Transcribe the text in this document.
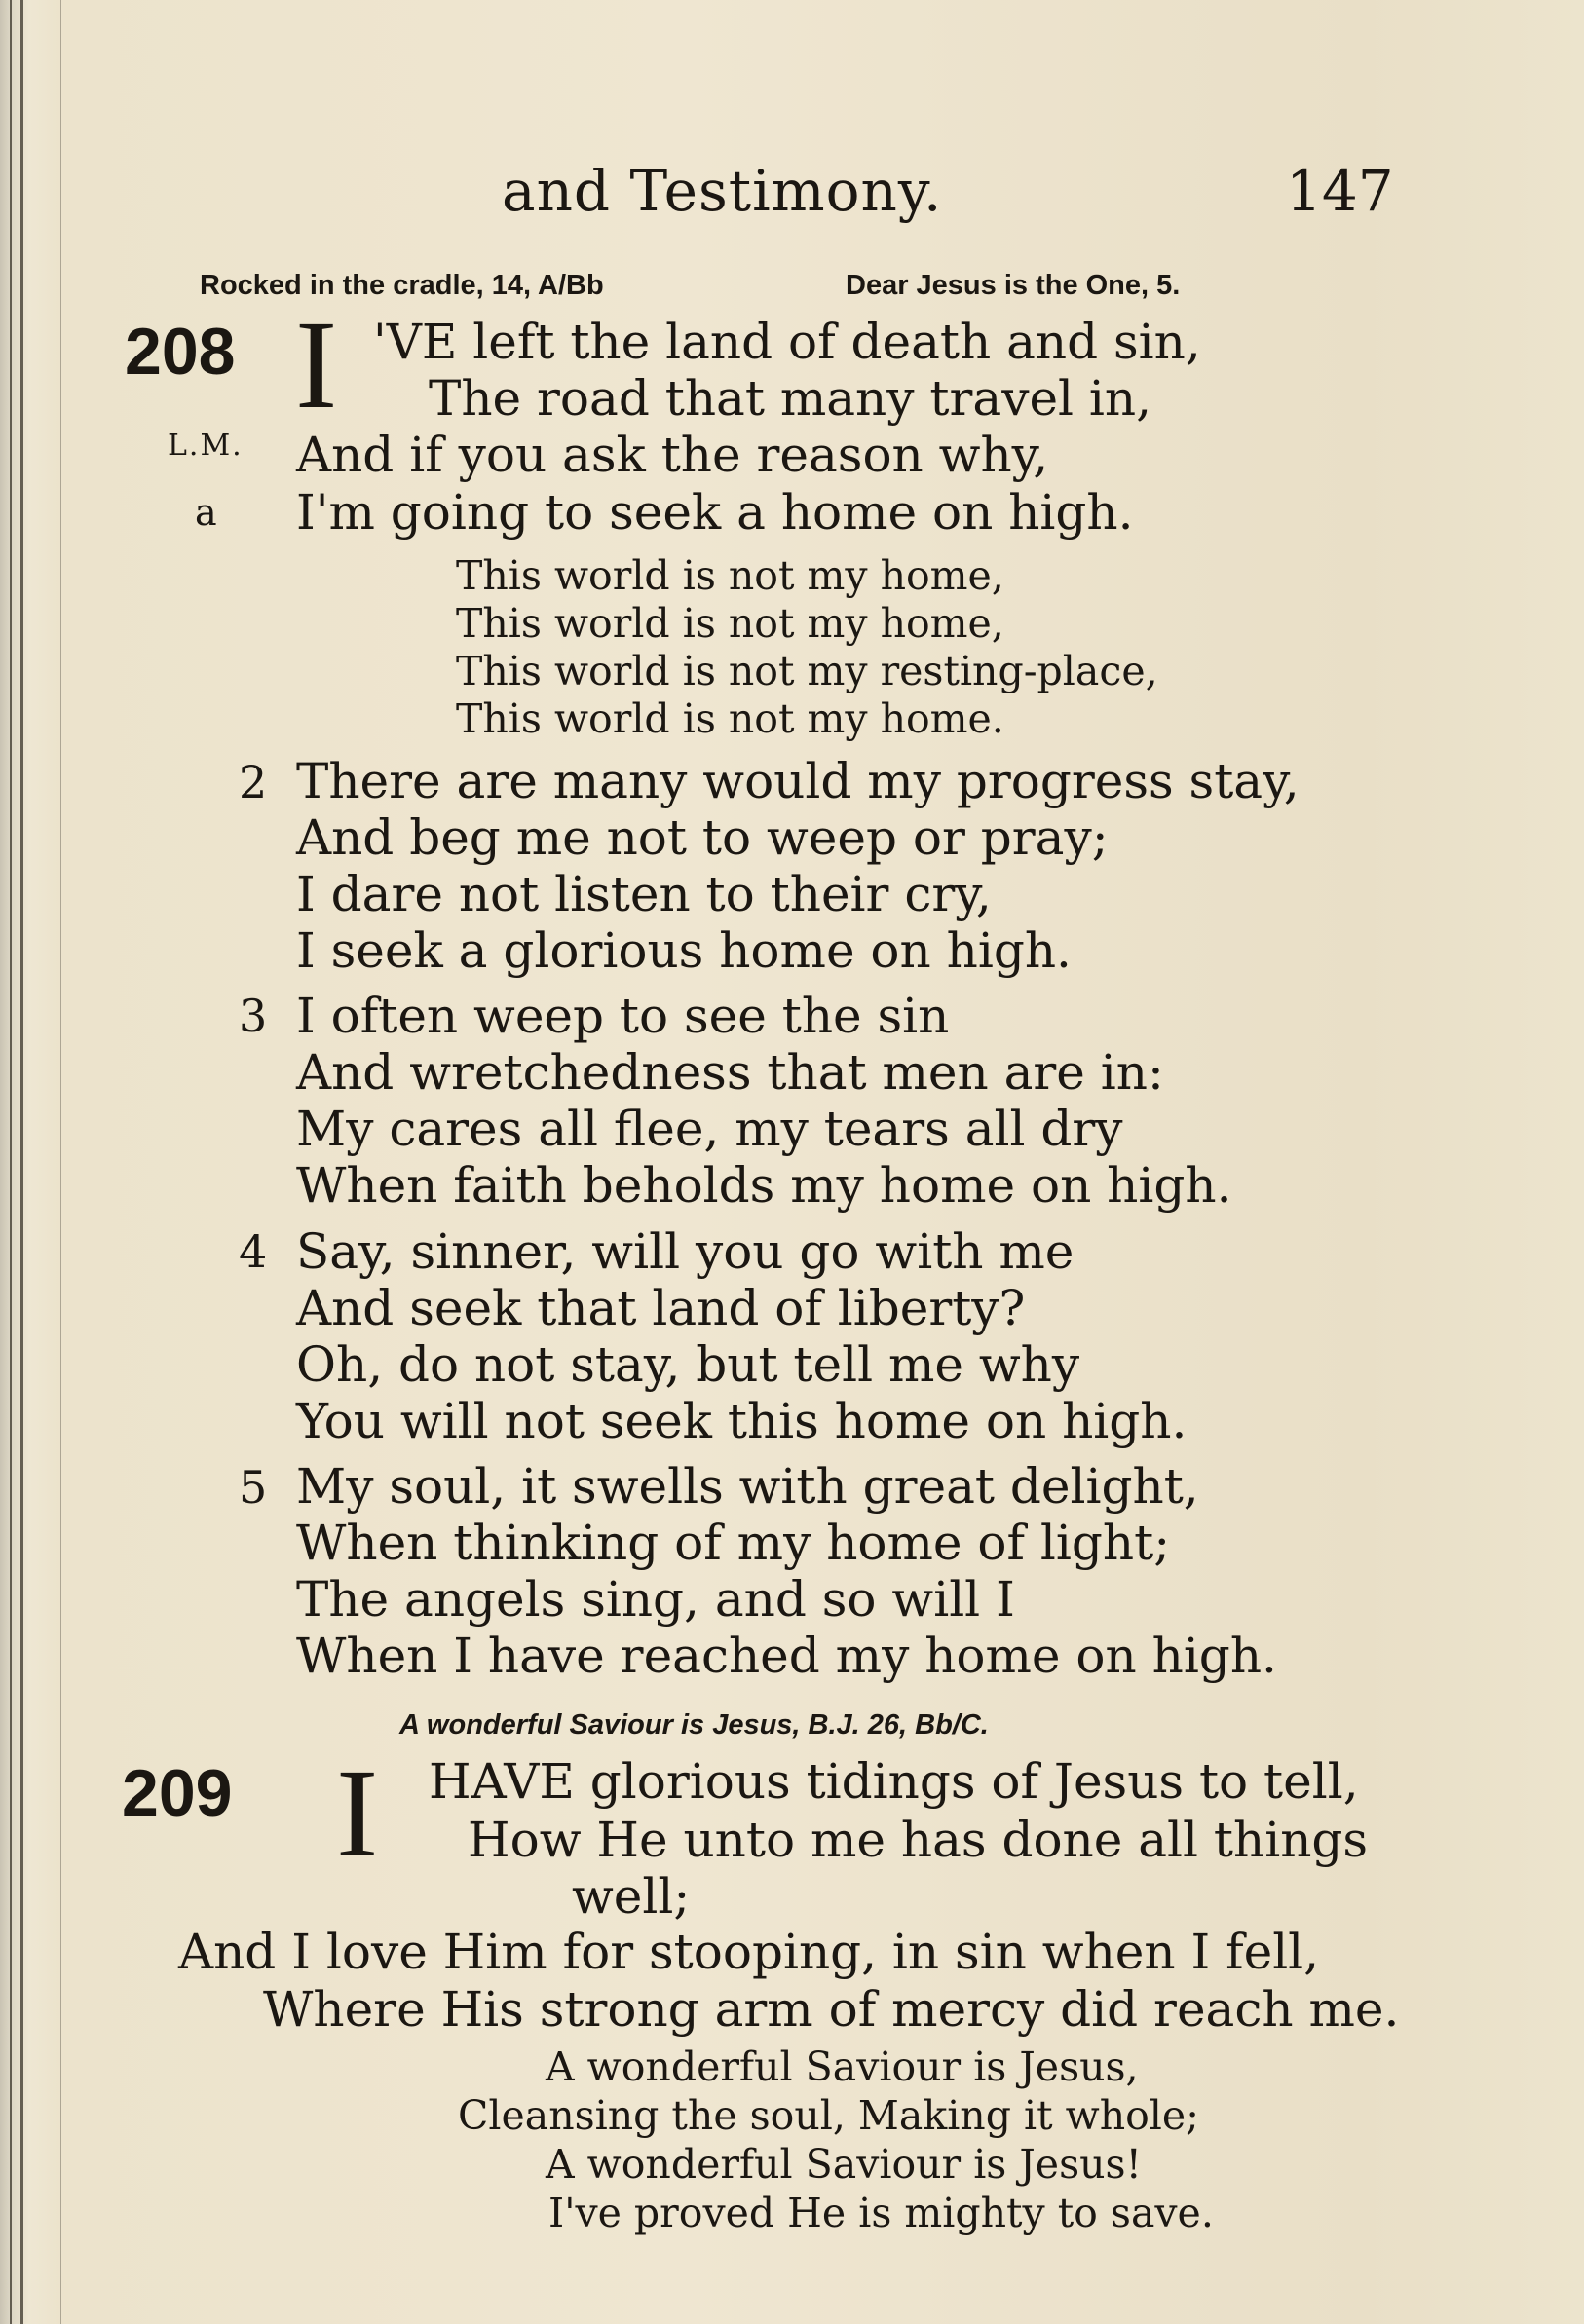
and Testimony.	147
Rocked in the cradle, 14, A/Bb	Dear Jesus is the One, 5.
208 I 'VE left the land of death and sin,
The road that many travel in,
L.M. And if you ask the reason why,
a I'm going to seek a home on high.
This world is not my home,
This world is not my home,
This world is not my resting-place,
This world is not my home.
2 There are many would my progress stay,
And beg me not to weep or pray;
I dare not listen to their cry,
I seek a glorious home on high.
3 I often weep to see the sin
And wretchedness that men are in:
My cares all flee, my tears all dry
When faith beholds my home on high.
4 Say, sinner, will you go with me
And seek that land of liberty?
Oh, do not stay, but tell me why
You will not seek this home on high.
5 My soul, it swells with great delight,
When thinking of my home of light;
The angels sing, and so will I
When I have reached my home on high.
A wonderful Saviour is Jesus, B.J. 26, Bb/C.
209 I HAVE glorious tidings of Jesus to tell,
How He unto me has done all things
well;
And I love Him for stooping, in sin when I fell,
Where His strong arm of mercy did reach me.
A wonderful Saviour is Jesus,
Cleansing the soul, Making it whole;
A wonderful Saviour is Jesus!
I've proved He is mighty to save.
